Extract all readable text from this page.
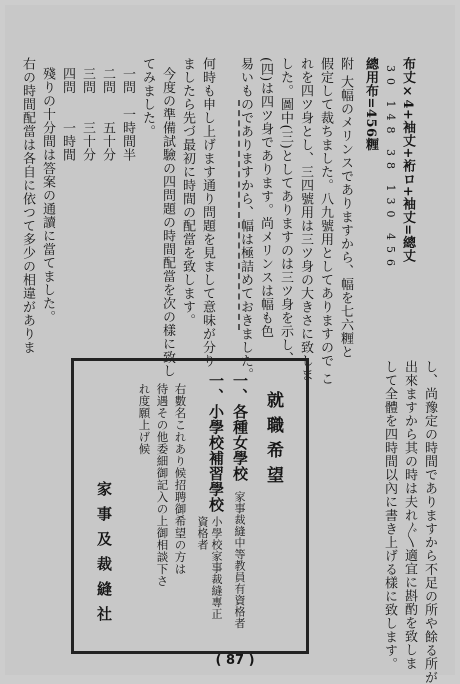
布丈×4+袖丈+裄ロ+袖丈=總丈
30 148 38 130 456
總用布=456糎
附 大幅のメリンスでありますから、幅を七六糎と
假定して裁ちました。八九號用としてありますので こ
れを四ツ身とし、三四號用は三ツ身の大きさに致しま
した。圖中(三)としてありますのは三ツ身を示し、
(四)は四ツ身であります。尚メリンスは幅も色
易いものでありますから、幅は極詰めておきました。
何時も申し上げます通り問題を見まして意味が分り
ましたら先づ最初に時間の配當を致します。
今度の準備試驗の四問題の時間配當を次の樣に致し
てみました。
一問　一時間半
二問　　五十分
三問　　三十分
四問　　一時間
殘りの十分間は答案の通讀に當てました。
右の時間配當は各自に依つて多少の相違がありま
し、尚豫定の時間でありますから不足の所や餘る所が
出來ますから其の時は夫れ〲適宜に斟酌を致しま
して全體を四時間以內に書き上げる樣に致します。
就職希望
一、各種女學校
家事裁縫中等教員有資格者
一、小學校補習學校
小學校家事裁縫專正
資格者
右數名これあり候招聘御希望の方は
待遇その他委細御記入の上御相談下さ
れ度願上げ候
家事及裁縫社
( 87 )
